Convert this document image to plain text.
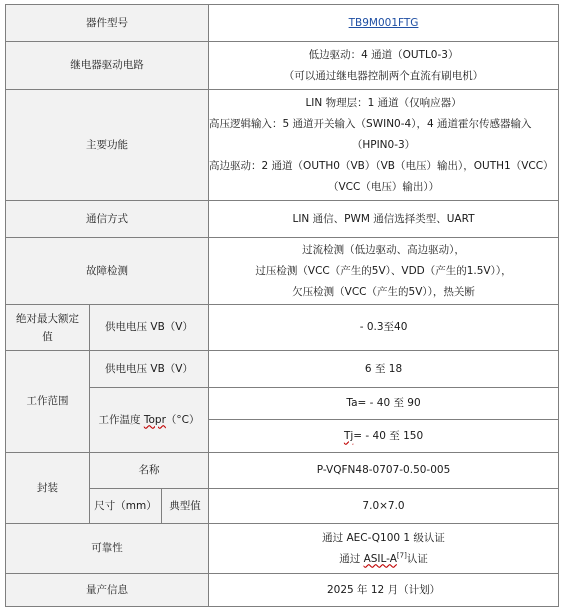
器件型号			TB9M001FTG
继电器驱动电路			低边驱动：4 通道（OUTL0-3）
（可以通过继电器控制两个直流有刷电机）

主要功能			LIN 物理层：1 通道（仅响应器）
高压逻辑输入：5 通道开关输入（SWIN0-4），4 通道霍尔传感器输入
（HPIN0-3）
高边驱动：2 通道（OUTH0（VB）（VB（电压）输出），OUTH1（VCC）
（VCC（电压）输出））

通信方式			LIN 通信、PWM 通信选择类型、UART
故障检测			过流检测（低边驱动、高边驱动），
过压检测（VCC（产生的5V）、VDD（产生的1.5V）），
欠压检测（VCC（产生的5V）），热关断

绝对最大额定
值	供电电压 VB（V）		- 0.3至40
工作范围	供电电压 VB（V）		6 至 18
	工作温度 Topr（°C）		Ta= - 40 至 90
			Tj= - 40 至 150
封装	名称		P-VQFN48-0707-0.50-005
	尺寸（mm）	典型值	7.0×7.0
可靠性			通过 AEC-Q100 1 级认证
通过 ASIL-A[7]认证

量产信息			2025 年 12 月（计划）
